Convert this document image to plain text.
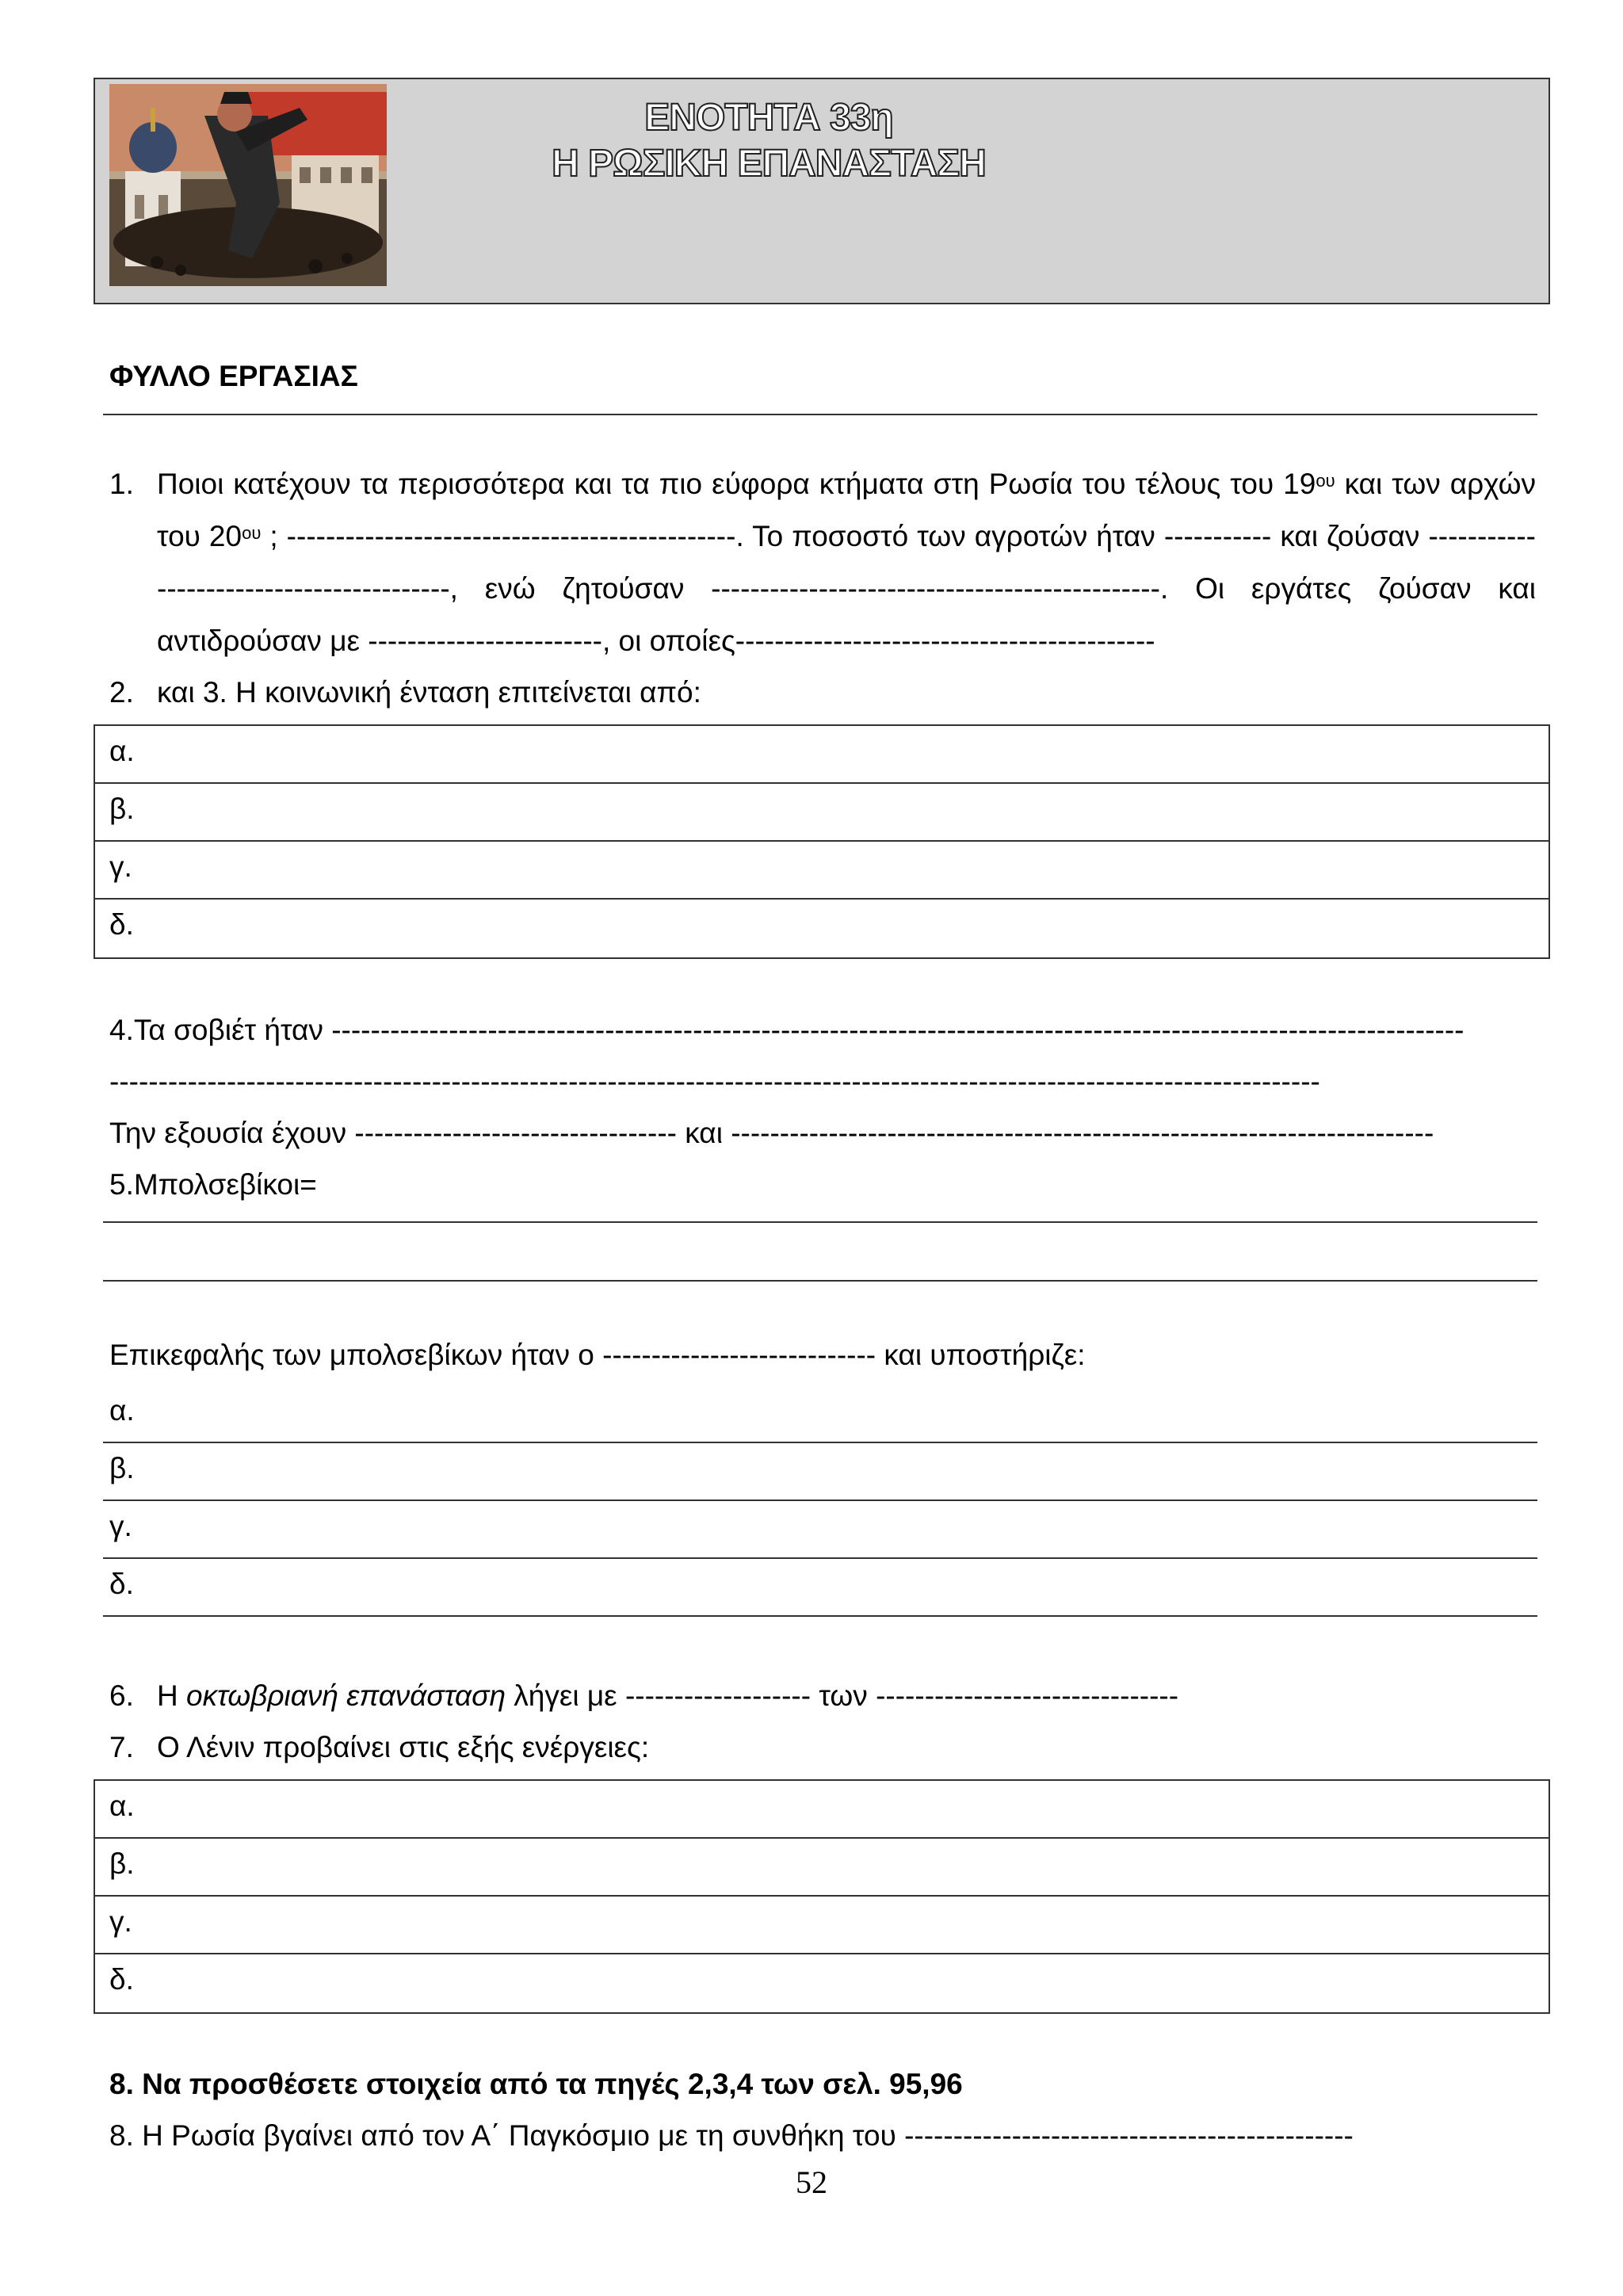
ΕΝΟΤΗΤΑ 33η
Η ΡΩΣΙΚΗ ΕΠΑΝΑΣΤΑΣΗ
ΦΥΛΛΟ ΕΡΓΑΣΙΑΣ
1. Ποιοι κατέχουν τα περισσότερα και τα πιο εύφορα κτήματα στη Ρωσία του τέλους του $19^{o\upsilon}$ και των αρχών του $20^{o\upsilon}$ ; ----------------------------------------------. Το ποσοστό των αγροτών ήταν ----------- και ζούσαν -----------------------------------------, ενώ ζητούσαν ----------------------------------------------. Οι εργάτες ζούσαν και αντιδρούσαν με ------------------------, οι οποίες-------------------------------------------
2. και 3. Η κοινωνική ένταση επιτείνεται από:
α.
β.
γ.
δ.
4.Τα σοβιέτ ήταν --------------------------------------------------------------------------------------------------------------------
----------------------------------------------------------------------------------------------------------------------------
Την εξουσία έχουν --------------------------------- και ------------------------------------------------------------------------
5.Μπολσεβίκοι=
Επικεφαλής των μπολσεβίκων ήταν ο ---------------------------- και υποστήριζε:
α.
β.
γ.
δ.
6. Η οκτωβριανή επανάσταση λήγει με ------------------- των -------------------------------
7. Ο Λένιν προβαίνει στις εξής ενέργειες:
α.
β.
γ.
δ.
8. Να προσθέσετε στοιχεία από τα πηγές 2,3,4 των σελ. 95,96
8. Η Ρωσία βγαίνει από τον Α΄ Παγκόσμιο με τη συνθήκη του ----------------------------------------------
52
